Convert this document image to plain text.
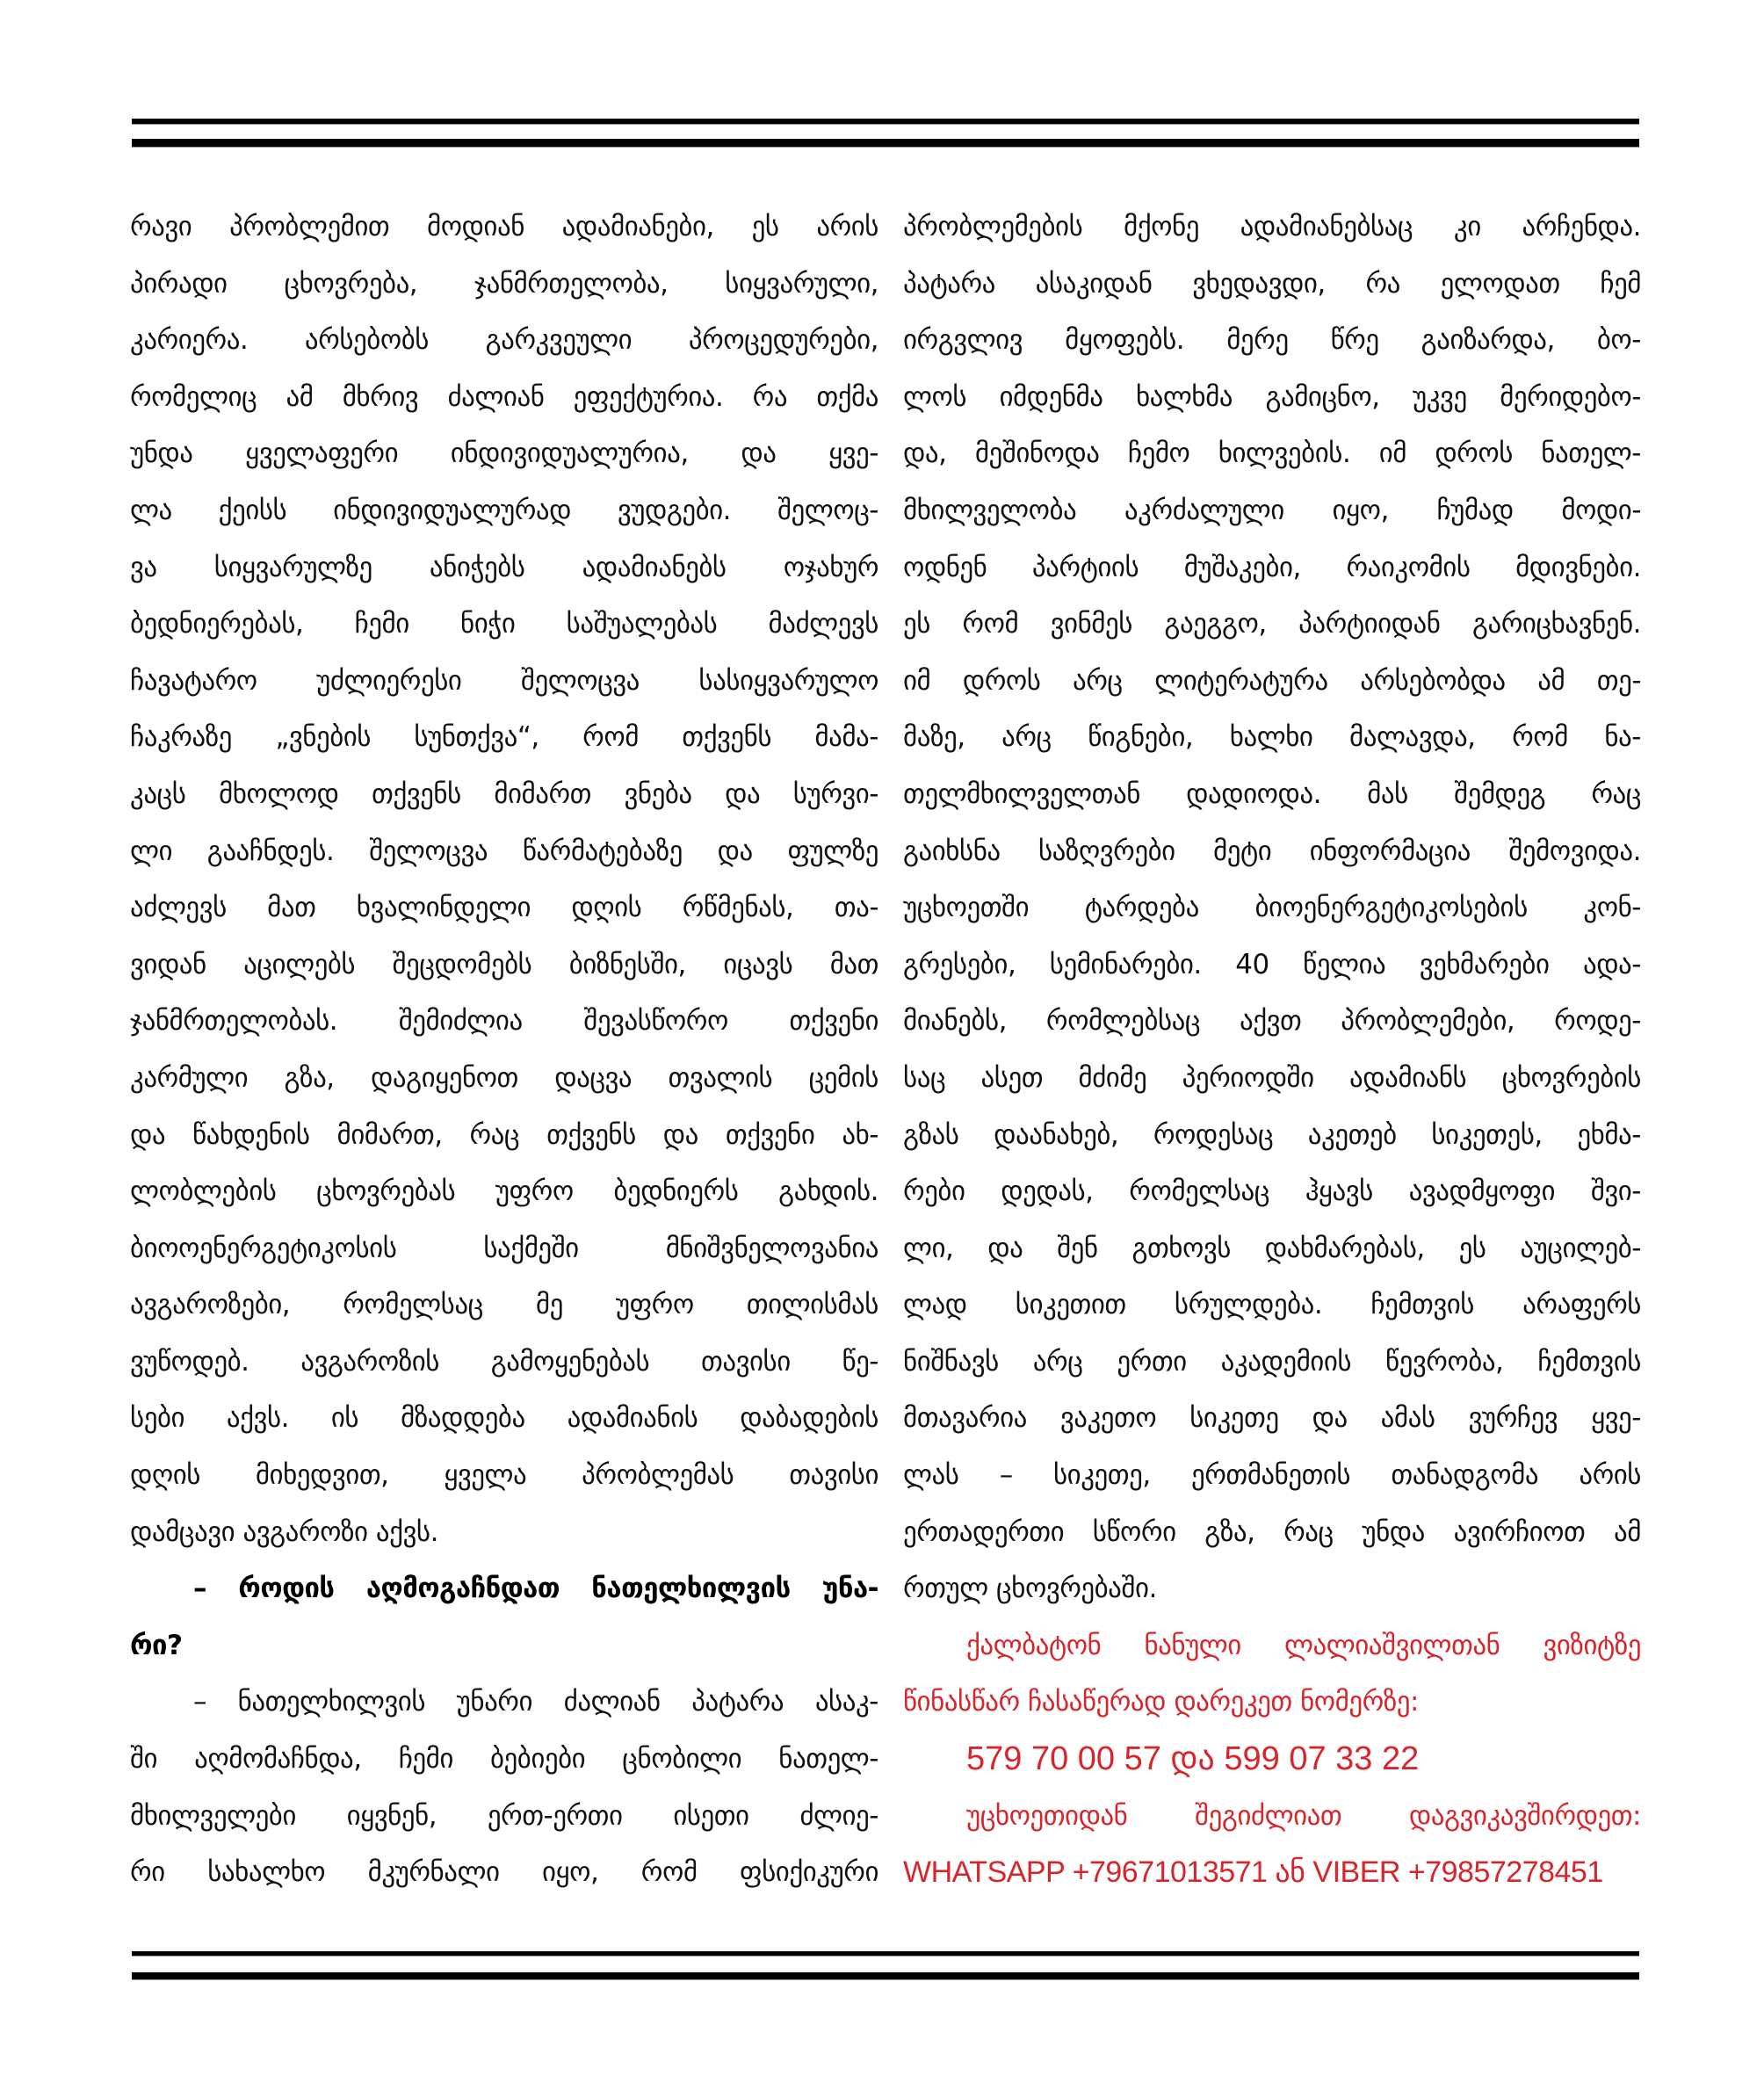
რავი პრობლემით მოდიან ადამიანები, ეს არის
პირადი ცხოვრება, ჯანმრთელობა, სიყვარული,
კარიერა. არსებობს გარკვეული პროცედურები,
რომელიც ამ მხრივ ძალიან ეფექტურია. რა თქმა
უნდა ყველაფერი ინდივიდუალურია, და ყვე-
ლა ქეისს ინდივიდუალურად ვუდგები. შელოც-
ვა სიყვარულზე ანიჭებს ადამიანებს ოჯახურ
ბედნიერებას, ჩემი ნიჭი საშუალებას მაძლევს
ჩავატარო უძლიერესი შელოცვა სასიყვარულო
ჩაკრაზე „ვნების სუნთქვა“, რომ თქვენს მამა-
კაცს მხოლოდ თქვენს მიმართ ვნება და სურვი-
ლი გააჩნდეს. შელოცვა წარმატებაზე და ფულზე
აძლევს მათ ხვალინდელი დღის რწმენას, თა-
ვიდან აცილებს შეცდომებს ბიზნესში, იცავს მათ
ჯანმრთელობას. შემიძლია შევასწორო თქვენი
კარმული გზა, დაგიყენოთ დაცვა თვალის ცემის
და წახდენის მიმართ, რაც თქვენს და თქვენი ახ-
ლობლების ცხოვრებას უფრო ბედნიერს გახდის.
ბიოოენერგეტიკოსის საქმეში მნიშვნელოვანია
ავგაროზები, რომელსაც მე უფრო თილისმას
ვუწოდებ. ავგაროზის გამოყენებას თავისი წე-
სები აქვს. ის მზადდება ადამიანის დაბადების
დღის მიხედვით, ყველა პრობლემას თავისი
დამცავი ავგაროზი აქვს.
– როდის აღმოგაჩნდათ ნათელხილვის უნა-
რი?
– ნათელხილვის უნარი ძალიან პატარა ასაკ-
ში აღმომაჩნდა, ჩემი ბებიები ცნობილი ნათელ-
მხილველები იყვნენ, ერთ-ერთი ისეთი ძლიე-
რი სახალხო მკურნალი იყო, რომ ფსიქიკური
პრობლემების მქონე ადამიანებსაც კი არჩენდა.
პატარა ასაკიდან ვხედავდი, რა ელოდათ ჩემ
ირგვლივ მყოფებს. მერე წრე გაიზარდა, ბო-
ლოს იმდენმა ხალხმა გამიცნო, უკვე მერიდებო-
და, მეშინოდა ჩემო ხილვების. იმ დროს ნათელ-
მხილველობა აკრძალული იყო, ჩუმად მოდი-
ოდნენ პარტიის მუშაკები, რაიკომის მდივნები.
ეს რომ ვინმეს გაეგგო, პარტიიდან გარიცხავნენ.
იმ დროს არც ლიტერატურა არსებობდა ამ თე-
მაზე, არც წიგნები, ხალხი მალავდა, რომ ნა-
თელმხილველთან დადიოდა. მას შემდეგ რაც
გაიხსნა საზღვრები მეტი ინფორმაცია შემოვიდა.
უცხოეთში ტარდება ბიოენერგეტიკოსების კონ-
გრესები, სემინარები. 40 წელია ვეხმარები ადა-
მიანებს, რომლებსაც აქვთ პრობლემები, როდე-
საც ასეთ მძიმე პერიოდში ადამიანს ცხოვრების
გზას დაანახებ, როდესაც აკეთებ სიკეთეს, ეხმა-
რები დედას, რომელსაც ჰყავს ავადმყოფი შვი-
ლი, და შენ გთხოვს დახმარებას, ეს აუცილებ-
ლად სიკეთით სრულდება. ჩემთვის არაფერს
ნიშნავს არც ერთი აკადემიის წევრობა, ჩემთვის
მთავარია ვაკეთო სიკეთე და ამას ვურჩევ ყვე-
ლას – სიკეთე, ერთმანეთის თანადგომა არის
ერთადერთი სწორი გზა, რაც უნდა ავირჩიოთ ამ
რთულ ცხოვრებაში.
ქალბატონ ნანული ლალიაშვილთან ვიზიტზე
წინასწარ ჩასაწერად დარეკეთ ნომერზე:
579 70 00 57 და 599 07 33 22
უცხოეთიდან შეგიძლიათ დაგვიკავშირდეთ:
WHATSAPP +79671013571 ან VIBER +79857278451
